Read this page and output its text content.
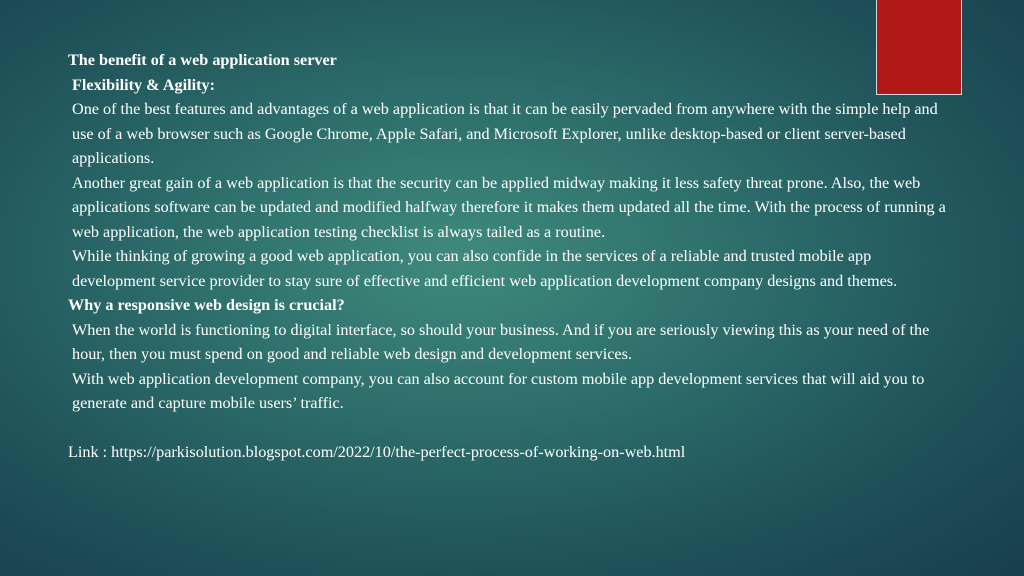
The benefit of a web application server

Flexibility & Agility:

One of the best features and advantages of a web application is that it can be easily pervaded from anywhere with the simple help and use of a web browser such as Google Chrome, Apple Safari, and Microsoft Explorer, unlike desktop-based or client server-based applications.

Another great gain of a web application is that the security can be applied midway making it less safety threat prone. Also, the web applications software can be updated and modified halfway therefore it makes them updated all the time. With the process of running a web application, the web application testing checklist is always tailed as a routine.

While thinking of growing a good web application, you can also confide in the services of a reliable and trusted mobile app development service provider to stay sure of effective and efficient web application development company designs and themes.

Why a responsive web design is crucial?

When the world is functioning to digital interface, so should your business. And if you are seriously viewing this as your need of the hour, then you must spend on good and reliable web design and development services.

With web application development company, you can also account for custom mobile app development services that will aid you to generate and capture mobile users’ traffic.

Link : https://parkisolution.blogspot.com/2022/10/the-perfect-process-of-working-on-web.html
